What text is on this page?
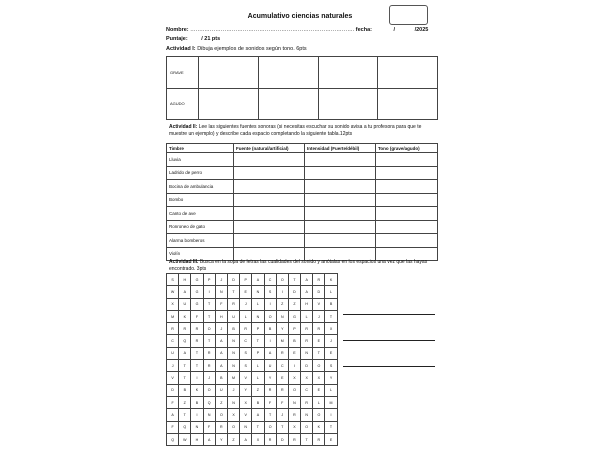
Acumulativo ciencias naturales
Nombre: ……..………………………………………………………………………. fecha:	/	/2025
Puntaje: / 21 pts
Actividad I: Dibuja ejemplos de sonidos según tono. 6pts
GRAVE				
AGUDO				
Actividad II: Lee las siguientes fuentes sonoras (si necesitas escuchar su sonido avisa a tu profesora para que te muestre un ejemplo) y describe cada espacio completando la siguiente tabla.12pts
Timbre	Fuente (natural/artificial)	Intensidad (Fuerte/débil)	Tono (grave/agudo)
Lluvia			
Ladrido de perro			
Bocina de ambulancia			
Bombo			
Canto de ave			
Ronroneo de gato			
Alarma bomberos			
Violín			
Actividad III. Busca en la sopa de letras las cualidades del sonido y anótalas en los espacios una vez que las hayas encontrado. 3pts
S	H	G	P	J	D	P	A	C	O	T	A	R	K
W	A	G	I	N	T	E	N	S	I	D	A	D	L
X	U	G	T	F	R	J	L	I	Z	Z	H	V	B
M	K	F	T	H	U	L	N	O	N	G	L	J	T
R	R	R	O	J	B	R	P	B	Y	P	R	R	X
C	Q	R	T	A	N	C	T	I	M	B	R	E	J
U	A	T	R	A	N	S	P	A	R	E	N	T	E
J	T	T	R	A	N	S	L	U	C	I	D	O	S
V	T	I	J	B	M	V	L	Y	E	X	X	X	Y
D	B	K	O	U	J	Y	Z	R	R	O	C	E	L
F	Z	B	Q	Z	N	X	B	F	F	N	R	L	M
A	T	I	N	O	X	V	A	T	J	R	N	O	I
F	Q	N	F	R	O	N	T	O	T	X	O	K	T
Q	W	H	A	Y	Z	A	X	R	D	R	T	R	E
